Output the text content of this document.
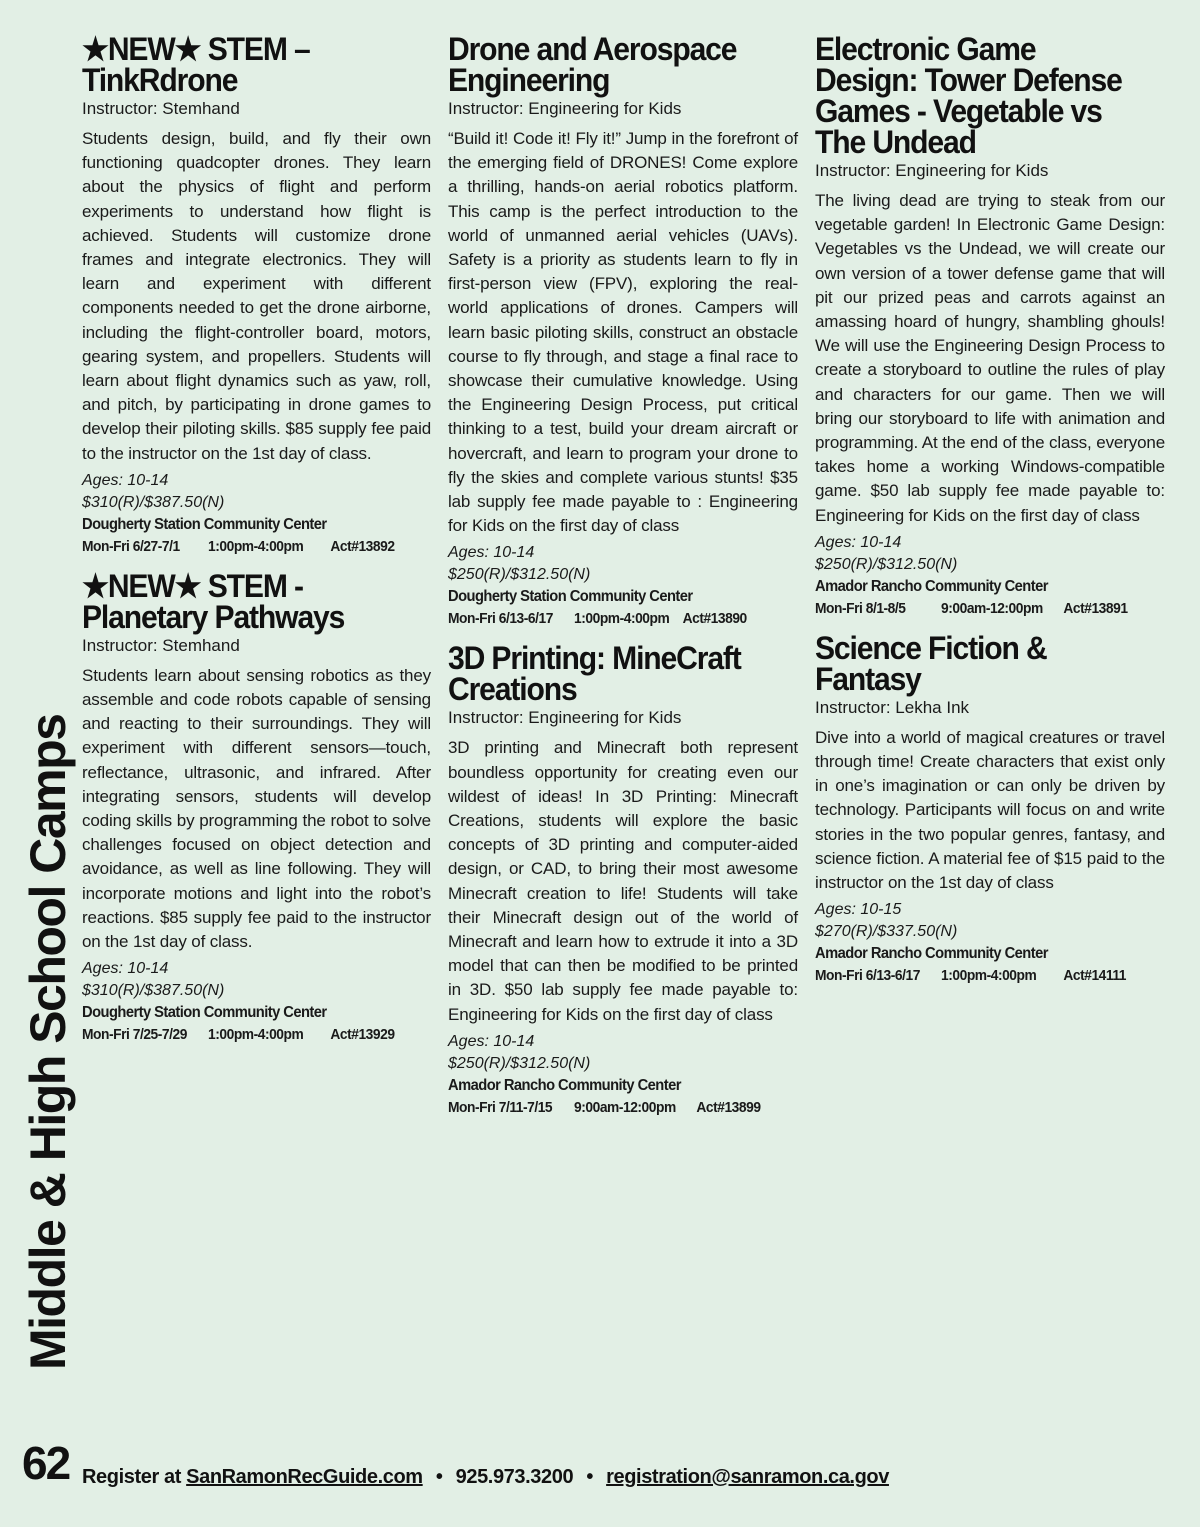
Middle & High School Camps
★NEW★ STEM – TinkRdrone
Instructor: Stemhand
Students design, build, and fly their own functioning quadcopter drones. They learn about the physics of flight and perform experiments to understand how flight is achieved. Students will customize drone frames and integrate electronics. They will learn and experiment with different components needed to get the drone airborne, including the flight-controller board, motors, gearing system, and propellers. Students will learn about flight dynamics such as yaw, roll, and pitch, by participating in drone games to develop their piloting skills. $85 supply fee paid to the instructor on the 1st day of class.
Ages: 10-14
$310(R)/$387.50(N)
Dougherty Station Community Center
Mon-Fri 6/27-7/1	1:00pm-4:00pm	Act#13892
★NEW★ STEM - Planetary Pathways
Instructor: Stemhand
Students learn about sensing robotics as they assemble and code robots capable of sensing and reacting to their surroundings. They will experiment with different sensors—touch, reflectance, ultrasonic, and infrared. After integrating sensors, students will develop coding skills by programming the robot to solve challenges focused on object detection and avoidance, as well as line following. They will incorporate motions and light into the robot’s reactions. $85 supply fee paid to the instructor on the 1st day of class.
Ages: 10-14
$310(R)/$387.50(N)
Dougherty Station Community Center
Mon-Fri 7/25-7/29	1:00pm-4:00pm	Act#13929
Drone and Aerospace Engineering
Instructor: Engineering for Kids
“Build it! Code it! Fly it!” Jump in the forefront of the emerging field of DRONES! Come explore a thrilling, hands-on aerial robotics platform. This camp is the perfect introduction to the world of unmanned aerial vehicles (UAVs). Safety is a priority as students learn to fly in first-person view (FPV), exploring the real-world applications of drones. Campers will learn basic piloting skills, construct an obstacle course to fly through, and stage a final race to showcase their cumulative knowledge. Using the Engineering Design Process, put critical thinking to a test, build your dream aircraft or hovercraft, and learn to program your drone to fly the skies and complete various stunts! $35 lab supply fee made payable to : Engineering for Kids on the first day of class
Ages: 10-14
$250(R)/$312.50(N)
Dougherty Station Community Center
Mon-Fri 6/13-6/17	1:00pm-4:00pm Act#13890
3D Printing: MineCraft Creations
Instructor: Engineering for Kids
3D printing and Minecraft both represent boundless opportunity for creating even our wildest of ideas! In 3D Printing: Minecraft Creations, students will explore the basic concepts of 3D printing and computer-aided design, or CAD, to bring their most awesome Minecraft creation to life! Students will take their Minecraft design out of the world of Minecraft and learn how to extrude it into a 3D model that can then be modified to be printed in 3D. $50 lab supply fee made payable to: Engineering for Kids on the first day of class
Ages: 10-14
$250(R)/$312.50(N)
Amador Rancho Community Center
Mon-Fri 7/11-7/15	9:00am-12:00pm	Act#13899
Electronic Game Design: Tower Defense Games - Vegetable vs The Undead
Instructor: Engineering for Kids
The living dead are trying to steak from our vegetable garden! In Electronic Game Design: Vegetables vs the Undead, we will create our own version of a tower defense game that will pit our prized peas and carrots against an amassing hoard of hungry, shambling ghouls! We will use the Engineering Design Process to create a storyboard to outline the rules of play and characters for our game. Then we will bring our storyboard to life with animation and programming. At the end of the class, everyone takes home a working Windows-compatible game. $50 lab supply fee made payable to: Engineering for Kids on the first day of class
Ages: 10-14
$250(R)/$312.50(N)
Amador Rancho Community Center
Mon-Fri 8/1-8/5	9:00am-12:00pm	Act#13891
Science Fiction & Fantasy
Instructor: Lekha Ink
Dive into a world of magical creatures or travel through time! Create characters that exist only in one’s imagination or can only be driven by technology. Participants will focus on and write stories in the two popular genres, fantasy, and science fiction. A material fee of $15 paid to the instructor on the 1st day of class
Ages: 10-15
$270(R)/$337.50(N)
Amador Rancho Community Center
Mon-Fri 6/13-6/17	1:00pm-4:00pm	Act#14111
62 Register at SanRamonRecGuide.com • 925.973.3200 • registration@sanramon.ca.gov
